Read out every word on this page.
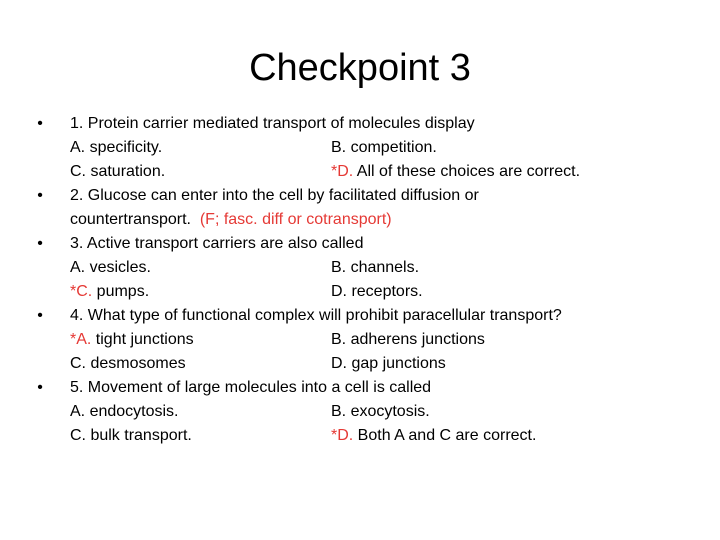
Checkpoint 3
•	1. Protein carrier mediated transport of molecules display
A. specificity.	B. competition.
C. saturation.	*D. All of these choices are correct.
•	2. Glucose can enter into the cell by facilitated diffusion or
countertransport. (F; fasc. diff or cotransport)
•	3. Active transport carriers are also called
A. vesicles.	B. channels.
*C. pumps.	D. receptors.
•	4. What type of functional complex will prohibit paracellular transport?
*A. tight junctions	B. adherens junctions
C. desmosomes	D. gap junctions
•	5. Movement of large molecules into a cell is called
A. endocytosis.	B. exocytosis.
C. bulk transport.	*D. Both A and C are correct.
